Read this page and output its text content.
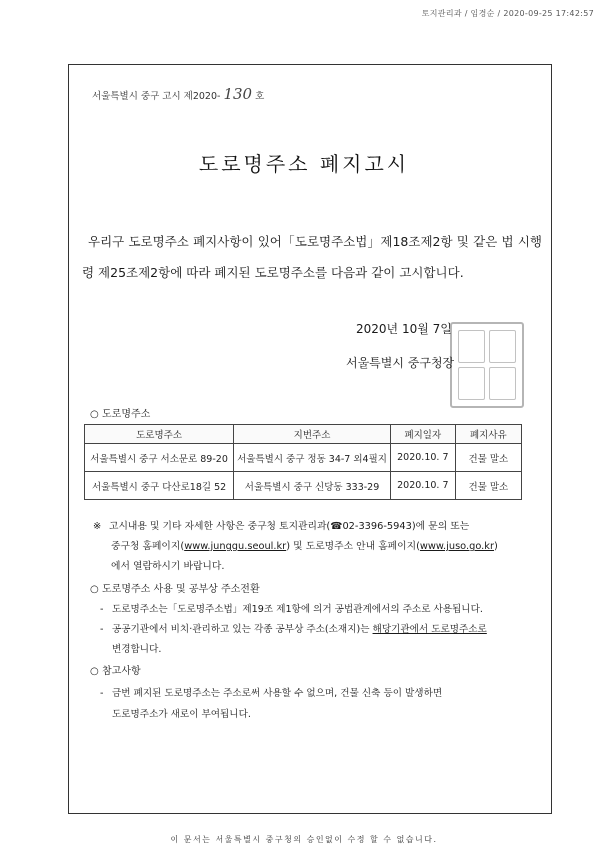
토지관리과 / 임경순 / 2020-09-25 17:42:57
서울특별시 중구 고시 제2020- 130 호
도로명주소 폐지고시
우리구 도로명주소 폐지사항이 있어「도로명주소법」제18조제2항 및 같은 법 시행령 제25조제2항에 따라 폐지된 도로명주소를 다음과 같이 고시합니다.
2020년 10월 7일
서울특별시 중구청장
○ 도로명주소
도로명주소	지번주소	폐지일자	폐지사유
서울특별시 중구 서소문로 89-20	서울특별시 중구 정동 34-7 외4필지	2020.10. 7	건물 말소
서울특별시 중구 다산로18길 52	서울특별시 중구 신당동 333-29	2020.10. 7	건물 말소
※ 고시내용 및 기타 자세한 사항은 중구청 토지관리과(☎02-3396-5943)에 문의 또는
중구청 홈페이지(www.junggu.seoul.kr) 및 도로명주소 안내 홈페이지(www.juso.go.kr)
에서 열람하시기 바랍니다.
○ 도로명주소 사용 및 공부상 주소전환
- 도로명주소는「도로명주소법」제19조 제1항에 의거 공법관계에서의 주소로 사용됩니다.
- 공공기관에서 비치·관리하고 있는 각종 공부상 주소(소재지)는 해당기관에서 도로명주소로
변경합니다.
○ 참고사항
- 금번 폐지된 도로명주소는 주소로써 사용할 수 없으며, 건물 신축 등이 발생하면
도로명주소가 새로이 부여됩니다.
이 문서는 서울특별시 중구청의 승인없이 수정 할 수 없습니다.
